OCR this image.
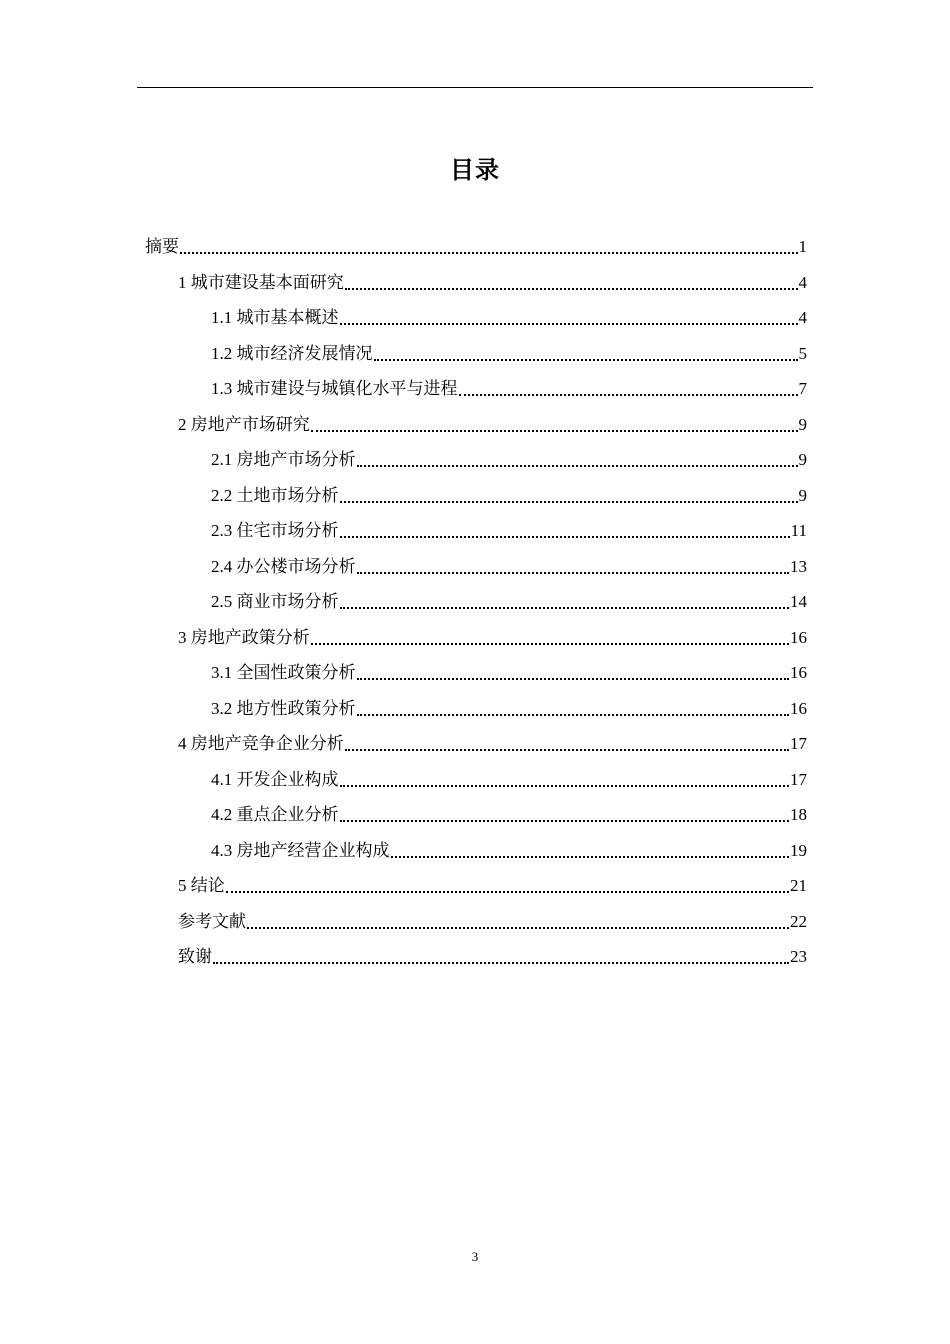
目录
摘要	1
1 城市建设基本面研究	4
1.1 城市基本概述	4
1.2 城市经济发展情况	5
1.3 城市建设与城镇化水平与进程	7
2 房地产市场研究	9
2.1 房地产市场分析	9
2.2 土地市场分析	9
2.3 住宅市场分析	11
2.4 办公楼市场分析	13
2.5 商业市场分析	14
3 房地产政策分析	16
3.1 全国性政策分析	16
3.2 地方性政策分析	16
4 房地产竞争企业分析	17
4.1 开发企业构成	17
4.2 重点企业分析	18
4.3 房地产经营企业构成	19
5 结论	21
参考文献	22
致谢	23
3
